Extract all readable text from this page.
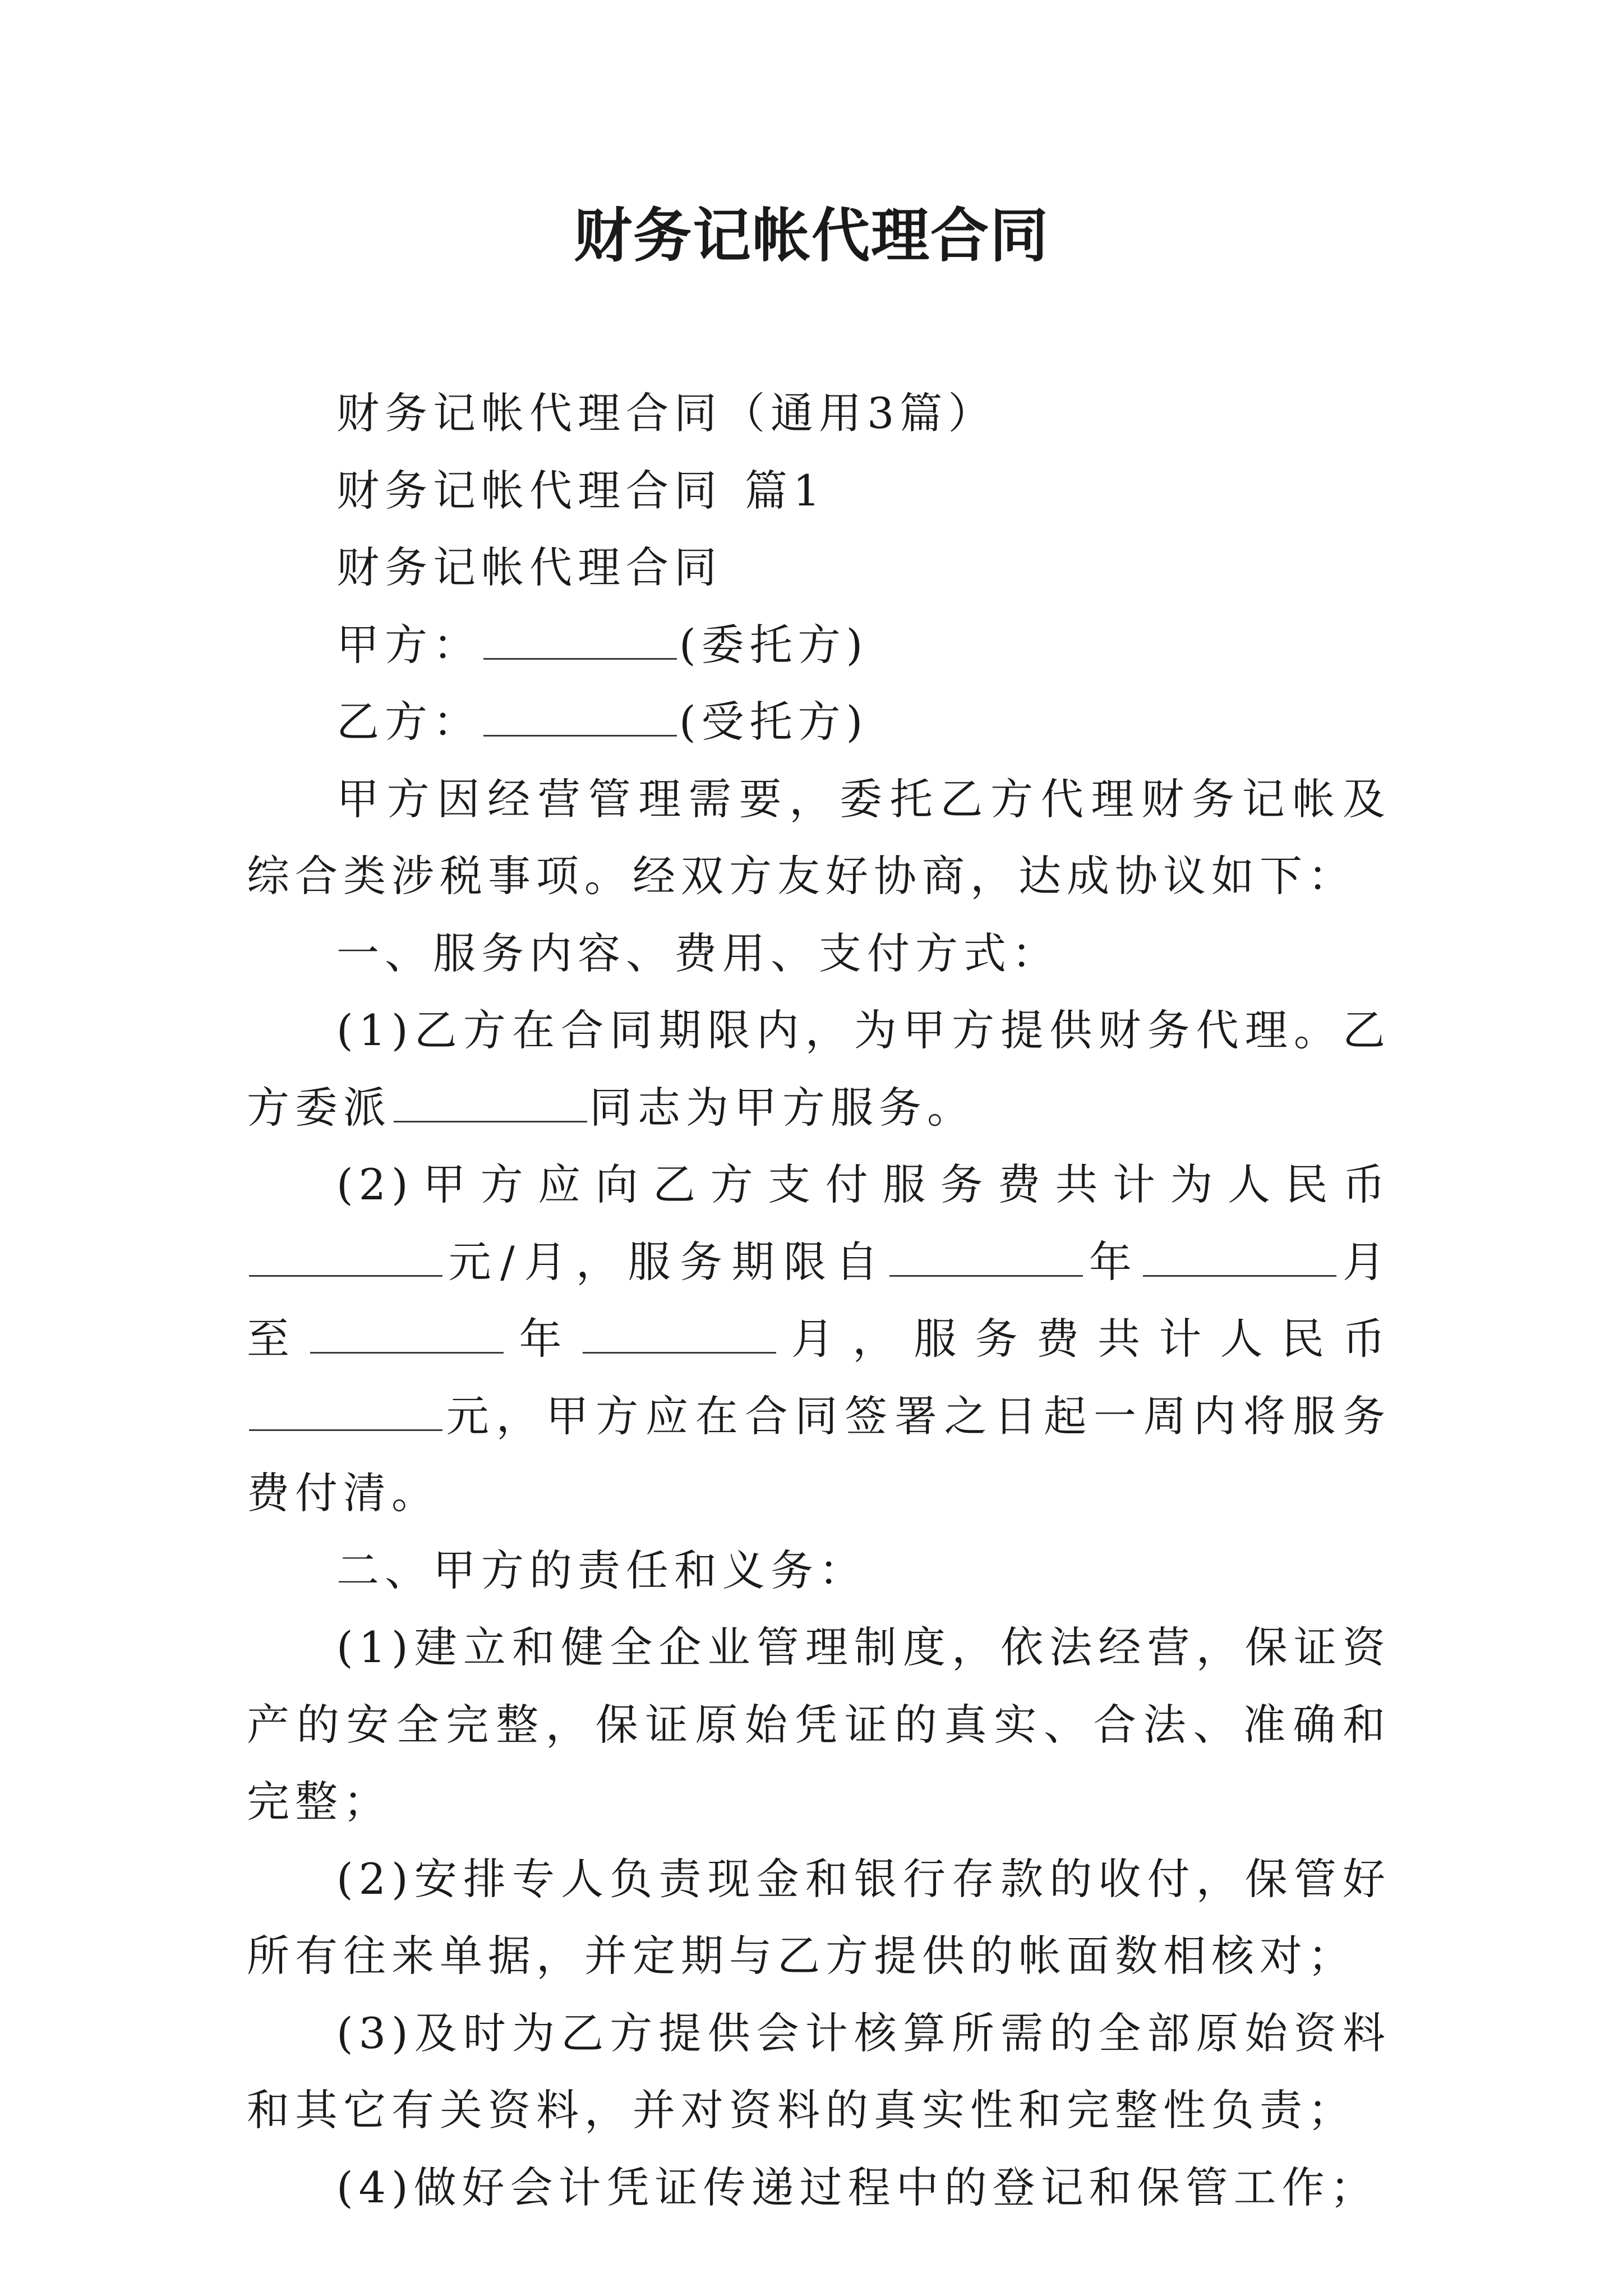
财务记帐代理合同

财务记帐代理合同（通用3篇）

财务记帐代理合同 篇1

财务记帐代理合同

甲方：	(委托方)

乙方：	(受托方)

甲方因经营管理需要，委托乙方代理财务记帐及综合类涉税事项。经双方友好协商，达成协议如下：

一、服务内容、费用、支付方式：

(1)乙方在合同期限内，为甲方提供财务代理。乙方委派	同志为甲方服务。

(2)甲方应向乙方支付服务费共计为人民币元/月，服务期限自	年	月至	年	月，服务费共计人民币元，甲方应在合同签署之日起一周内将服务费付清。

二、甲方的责任和义务：

(1)建立和健全企业管理制度，依法经营，保证资产的安全完整，保证原始凭证的真实、合法、准确和完整；

(2)安排专人负责现金和银行存款的收付，保管好所有往来单据，并定期与乙方提供的帐面数相核对；

(3)及时为乙方提供会计核算所需的全部原始资料和其它有关资料，并对资料的真实性和完整性负责；

(4)做好会计凭证传递过程中的登记和保管工作；
